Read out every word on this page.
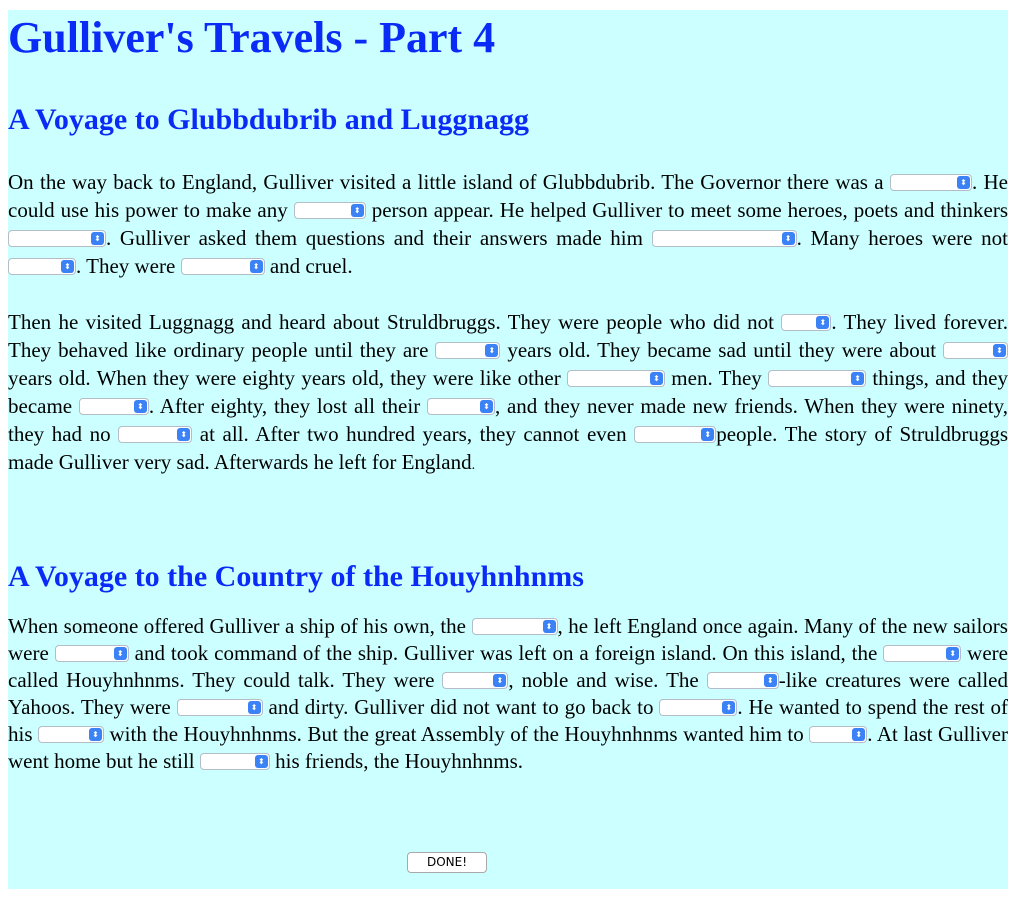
Gulliver's Travels - Part 4
A Voyage to Glubbdubrib and Luggnagg
On the way back to England, Gulliver visited a little island of Glubbdubrib. The Governor there was a	⬍ . He could use his power to make any	⬍ person appear. He helped Gulliver to meet some heroes, poets and thinkers
⬍ . Gulliver asked them questions and their answers made him	⬍ . Many heroes were not
⬍ . They were	⬍ and cruel.
Then he visited Luggnagg and heard about Struldbruggs. They were people who did not	⬍ . They lived forever. They behaved like ordinary people until they are	⬍ years old. They became sad until they were about	⬍
years old. When they were eighty years old, they were like other	⬍ men. They	⬍ things, and they became	⬍ . After eighty, they lost all their	⬍ , and they never made new friends. When they were ninety, they had no	⬍ at all. After two hundred years, they cannot even	⬍ people. The story of Struldbruggs made Gulliver very sad. Afterwards he left for England.
A Voyage to the Country of the Houyhnhnms
When someone offered Gulliver a ship of his own, the	⬍ , he left England once again. Many of the new sailors were	⬍ and took command of the ship. Gulliver was left on a foreign island. On this island, the	⬍ were called Houyhnhnms. They could talk. They were	⬍ , noble and wise. The	⬍ -like creatures were called Yahoos. They were	⬍ and dirty. Gulliver did not want to go back to	⬍ . He wanted to spend the rest of his	⬍ with the Houyhnhnms. But the great Assembly of the Houyhnhnms wanted him to	⬍ . At last Gulliver went home but he still	⬍ his friends, the Houyhnhnms.
DONE!
